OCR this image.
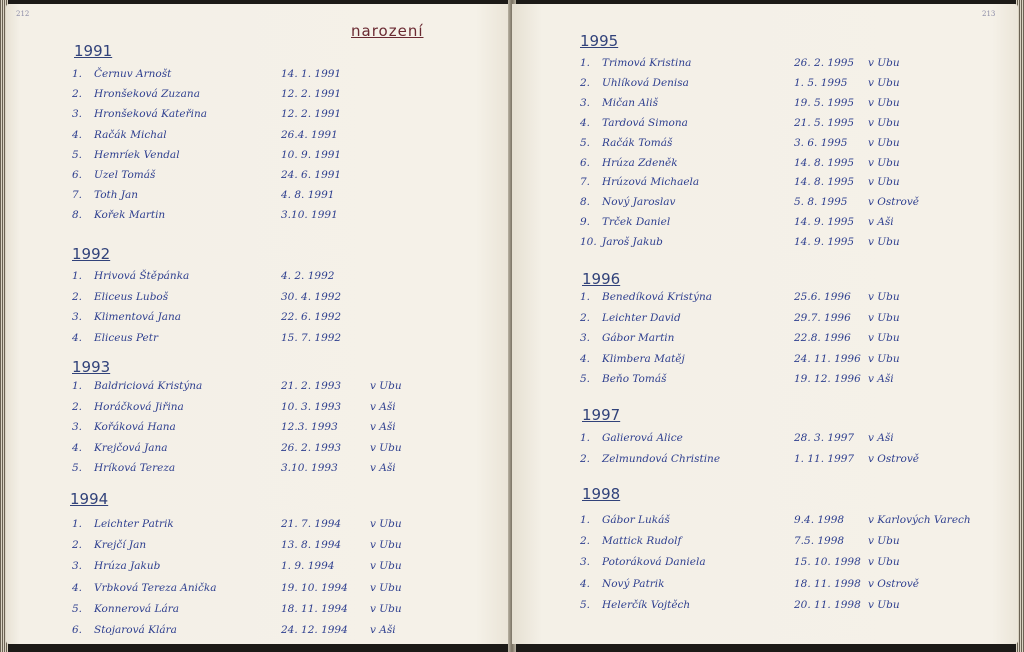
212
narození
1991
1. Černuv Arnošt	14. 1. 1991
2. Hronšeková Zuzana	12. 2. 1991
3. Hronšeková Kateřina	12. 2. 1991
4. Račák Michal	26.4. 1991
5. Hemríek Vendal	10. 9. 1991
6. Uzel Tomáš	24. 6. 1991
7. Toth Jan	4. 8. 1991
8. Kořek Martin	3.10. 1991
1992
1. Hrivová Štěpánka	4. 2. 1992
2. Eliceus Luboš	30. 4. 1992
3. Klimentová Jana	22. 6. 1992
4. Eliceus Petr	15. 7. 1992
1993
1. Baldriciová Kristýna	21. 2. 1993	v Ubu
2. Horáčková Jiřina	10. 3. 1993	v Aši
3. Kořáková Hana	12.3. 1993	v Aši
4. Krejčová Jana	26. 2. 1993	v Ubu
5. Hríková Tereza	3.10. 1993	v Aši
1994
1. Leichter Patrik	21. 7. 1994	v Ubu
2. Krejčí Jan	13. 8. 1994	v Ubu
3. Hrúza Jakub	1. 9. 1994	v Ubu
4. Vrbková Tereza Anička	19. 10. 1994 v Ubu
5. Konnerová Lára	18. 11. 1994 v Ubu
6. Stojarová Klára	24. 12. 1994 v Aši
213
1995
1. Trimová Kristina	26. 2. 1995 v Ubu
2. Uhlíková Denisa	1. 5. 1995 v Ubu
3. Mičan Ališ	19. 5. 1995 v Ubu
4. Tardová Simona	21. 5. 1995 v Ubu
5. Račák Tomáš	3. 6. 1995 v Ubu
6. Hrúza Zdeněk	14. 8. 1995 v Ubu
7. Hrúzová Michaela	14. 8. 1995 v Ubu
8. Nový Jaroslav	5. 8. 1995 v Ostrově
9. Trček Daniel	14. 9. 1995 v Aši
10. Jaroš Jakub	14. 9. 1995 v Ubu
1996
1. Benedíková Kristýna	25.6. 1996 v Ubu
2. Leichter David	29.7. 1996 v Ubu
3. Gábor Martin	22.8. 1996 v Ubu
4. Klimbera Matěj	24. 11. 1996 v Ubu
5. Beňo Tomáš	19. 12. 1996 v Aši
1997
1. Galierová Alice	28. 3. 1997 v Aši
2. Zelmundová Christine	1. 11. 1997 v Ostrově
1998
1. Gábor Lukáš	9.4. 1998 v Karlových Varech
2. Mattick Rudolf	7.5. 1998 v Ubu
3. Potoráková Daniela	15. 10. 1998 v Ubu
4. Nový Patrik	18. 11. 1998 v Ostrově
5. Helerčík Vojtěch	20. 11. 1998 v Ubu
